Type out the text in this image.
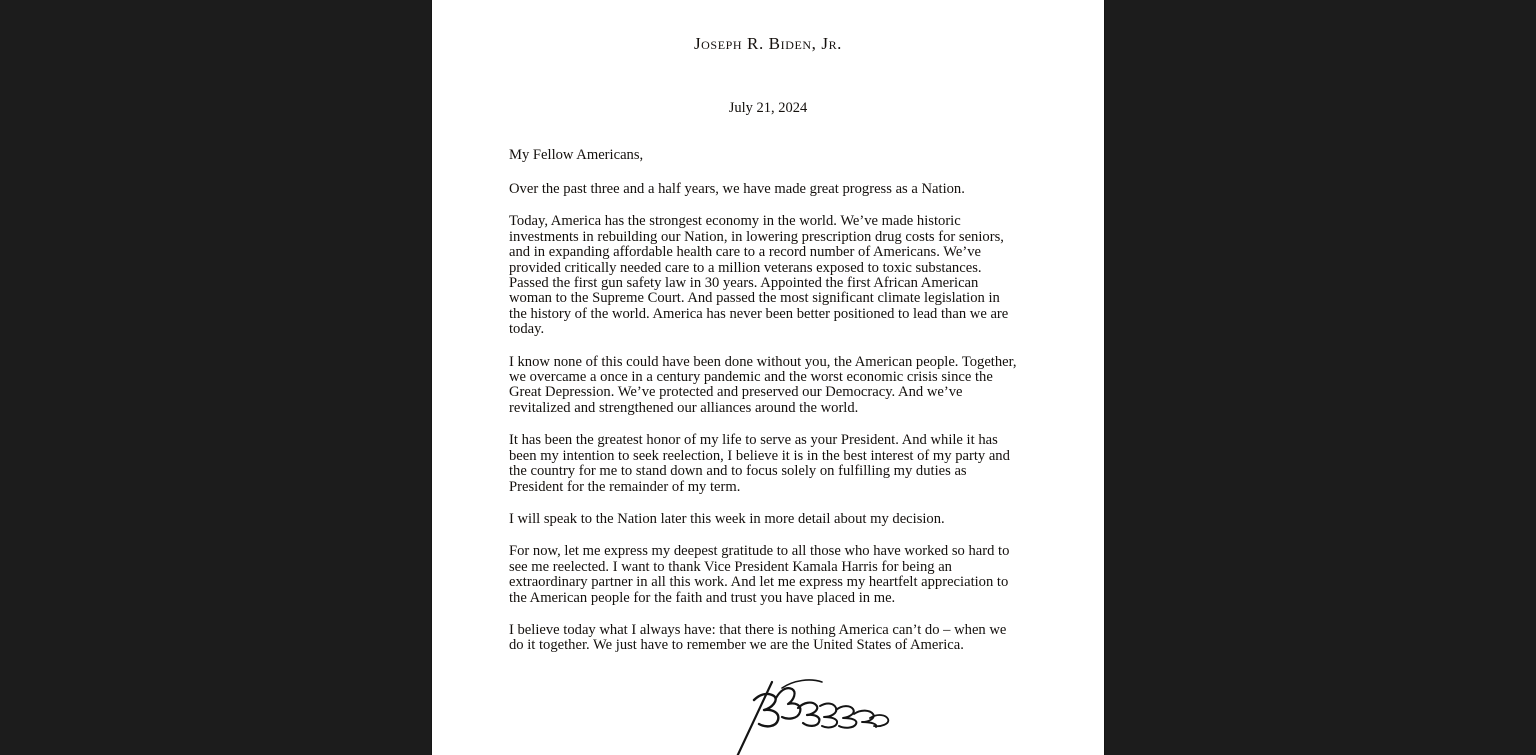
Joseph R. Biden, Jr.
July 21, 2024
My Fellow Americans,

Over the past three and a half years, we have made great progress as a Nation.

Today, America has the strongest economy in the world. We’ve made historic investments in rebuilding our Nation, in lowering prescription drug costs for seniors, and in expanding affordable health care to a record number of Americans. We’ve provided critically needed care to a million veterans exposed to toxic substances. Passed the first gun safety law in 30 years. Appointed the first African American woman to the Supreme Court. And passed the most significant climate legislation in the history of the world. America has never been better positioned to lead than we are today.

I know none of this could have been done without you, the American people. Together, we overcame a once in a century pandemic and the worst economic crisis since the Great Depression. We’ve protected and preserved our Democracy. And we’ve revitalized and strengthened our alliances around the world.

It has been the greatest honor of my life to serve as your President. And while it has been my intention to seek reelection, I believe it is in the best interest of my party and the country for me to stand down and to focus solely on fulfilling my duties as President for the remainder of my term.

I will speak to the Nation later this week in more detail about my decision.

For now, let me express my deepest gratitude to all those who have worked so hard to see me reelected. I want to thank Vice President Kamala Harris for being an extraordinary partner in all this work. And let me express my heartfelt appreciation to the American people for the faith and trust you have placed in me.

I believe today what I always have: that there is nothing America can’t do – when we do it together. We just have to remember we are the United States of America.
